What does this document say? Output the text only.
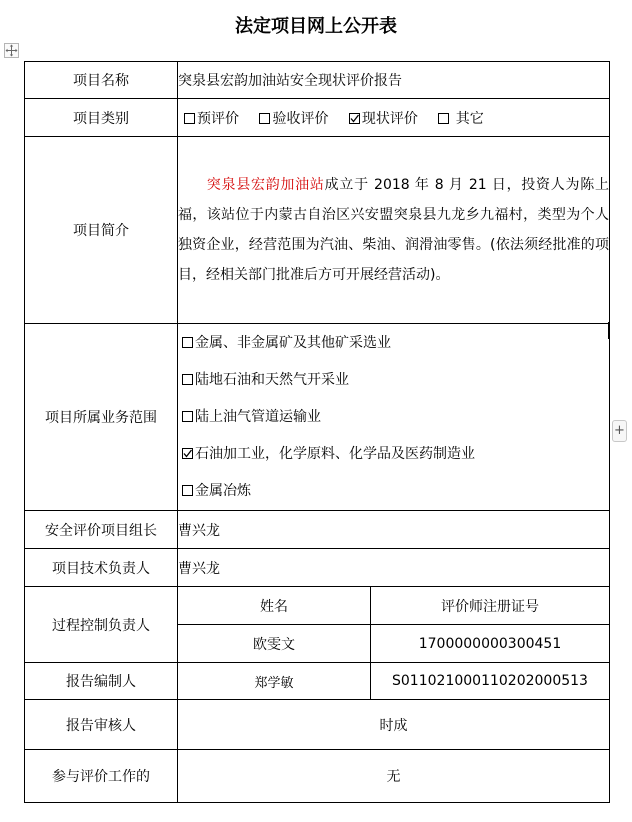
法定项目网上公开表
项目名称	突泉县宏韵加油站安全现状评价报告	
项目类别	预评价 验收评价 现状评价  其它	
项目简介	突泉县宏韵加油站成立于 2018 年 8 月 21 日，投资人为陈上福，该站位于内蒙古自治区兴安盟突泉县九龙乡九福村，类型为个人独资企业，经营范围为汽油、柴油、润滑油零售。(依法须经批准的项目，经相关部门批准后方可开展经营活动)。	
项目所属业务范围	金属、非金属矿及其他矿采选业
陆地石油和天然气开采业
陆上油气管道运输业
石油加工业，化学原料、化学品及医药制造业
金属冶炼	

安全评价项目组长	曹兴龙	
项目技术负责人	曹兴龙	
过程控制负责人	姓名	评价师注册证号
	欧雯文	1700000000300451
报告编制人	郑学敏	S011021000110202000513
报告审核人	时成	
参与评价工作的	无	
+
